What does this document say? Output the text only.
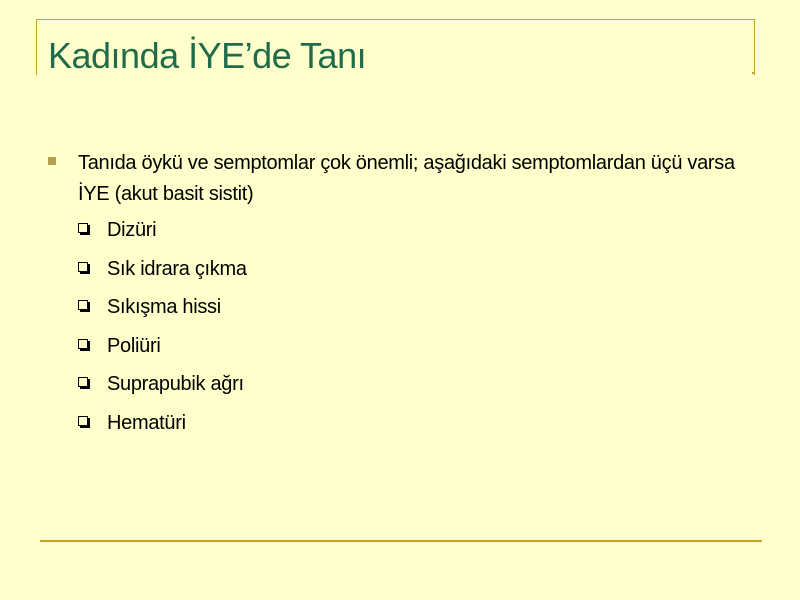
Kadında İYE’de Tanı
Tanıda öykü ve semptomlar çok önemli; aşağıdaki semptomlardan üçü varsa İYE (akut basit sistit)
Dizüri
Sık idrara çıkma
Sıkışma hissi
Poliüri
Suprapubik ağrı
Hematüri
